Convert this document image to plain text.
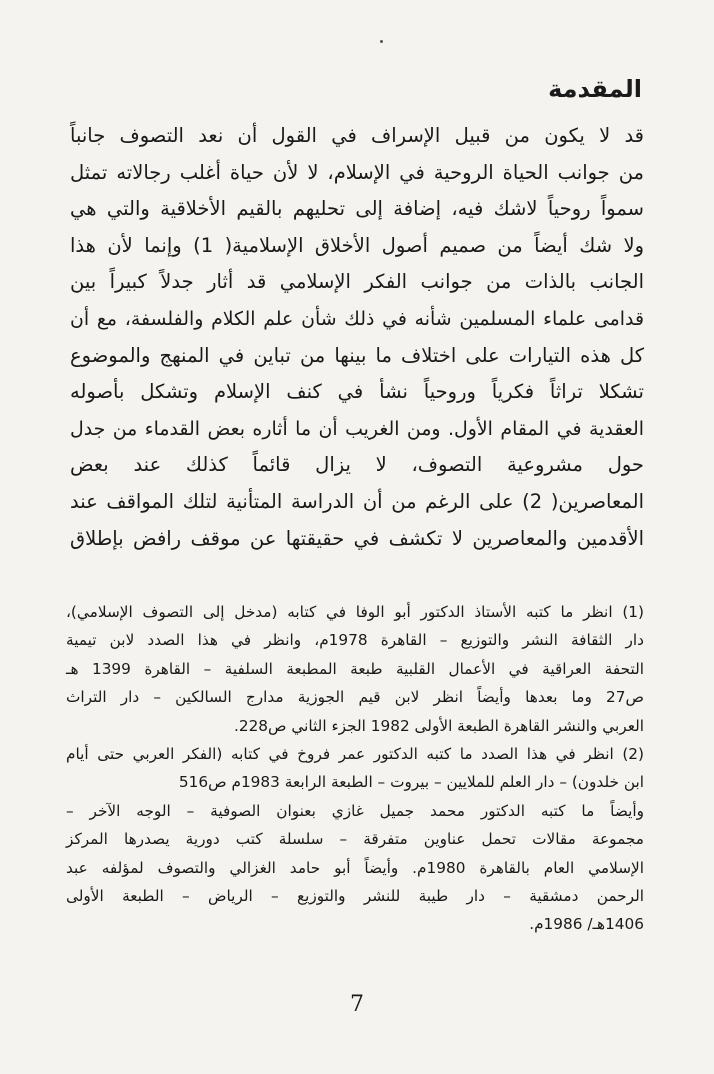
المقدمة
قد لا يكون من قبيل الإسراف في القول أن نعد التصوف جانباً
من جوانب الحياة الروحية في الإسلام، لا لأن حياة أغلب رجالاته تمثل
سمواً روحياً لاشك فيه، إضافة إلى تحليهم بالقيم الأخلاقية والتي هي
ولا شك أيضاً من صميم أصول الأخلاق الإسلامية( 1) وإنما لأن هذا
الجانب بالذات من جوانب الفكر الإسلامي قد أثار جدلاً كبيراً بين
قدامى علماء المسلمين شأنه في ذلك شأن علم الكلام والفلسفة، مع أن
كل هذه التيارات على اختلاف ما بينها من تباين في المنهج والموضوع
تشكلا تراثاً فكرياً وروحياً نشأ في كنف الإسلام وتشكل بأصوله
العقدية في المقام الأول. ومن الغريب أن ما أثاره بعض القدماء من جدل
حول مشروعية التصوف، لا يزال قائماً كذلك عند بعض
المعاصرين( 2) على الرغم من أن الدراسة المتأنية لتلك المواقف عند
الأقدمين والمعاصرين لا تكشف في حقيقتها عن موقف رافض بإطلاق
(1) انظر ما كتبه الأستاذ الدكتور أبو الوفا في كتابه (مدخل إلى التصوف الإسلامي)،
دار الثقافة النشر والتوزيع – القاهرة 1978م، وانظر في هذا الصدد لابن تيمية
التحفة العراقية في الأعمال القلبية طبعة المطبعة السلفية – القاهرة 1399 هـ
ص27 وما بعدها وأيضاً انظر لابن قيم الجوزية مدارج السالكين – دار التراث
العربي والنشر القاهرة الطبعة الأولى 1982 الجزء الثاني ص228.
(2) انظر في هذا الصدد ما كتبه الدكتور عمر فروخ في كتابه (الفكر العربي حتى أيام
ابن خلدون) – دار العلم للملايين – بيروت – الطبعة الرابعة 1983م ص516
وأيضاً ما كتبه الدكتور محمد جميل غازي بعنوان الصوفية – الوجه الآخر –
مجموعة مقالات تحمل عناوين متفرقة – سلسلة كتب دورية يصدرها المركز
الإسلامي العام بالقاهرة 1980م. وأيضاً أبو حامد الغزالي والتصوف لمؤلفه عبد
الرحمن دمشقية – دار طيبة للنشر والتوزيع – الرياض – الطبعة الأولى
1406هـ/ 1986م.
7
